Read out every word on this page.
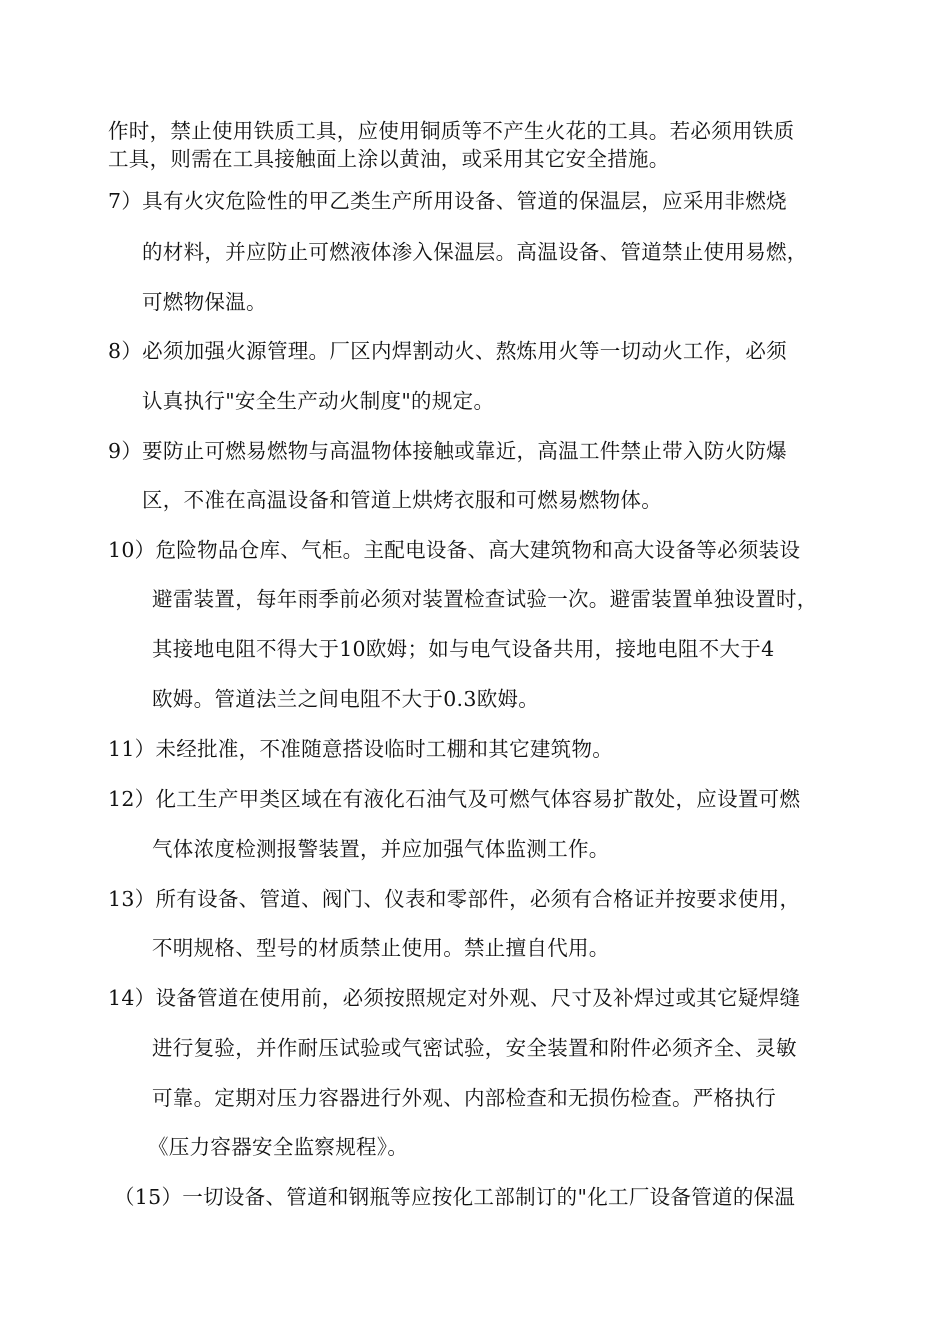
作时，禁止使用铁质工具，应使用铜质等不产生火花的工具。若必须用铁质
工具，则需在工具接触面上涂以黄油，或采用其它安全措施。
7）具有火灾危险性的甲乙类生产所用设备、管道的保温层，应采用非燃烧
的材料，并应防止可燃液体渗入保温层。高温设备、管道禁止使用易燃，
可燃物保温。
8）必须加强火源管理。厂区内焊割动火、熬炼用火等一切动火工作，必须
认真执行"安全生产动火制度"的规定。
9）要防止可燃易燃物与高温物体接触或靠近，高温工件禁止带入防火防爆
区，不准在高温设备和管道上烘烤衣服和可燃易燃物体。
10）危险物品仓库、气柜。主配电设备、高大建筑物和高大设备等必须装设
避雷装置，每年雨季前必须对装置检查试验一次。避雷装置单独设置时，
其接地电阻不得大于10欧姆；如与电气设备共用，接地电阻不大于4
欧姆。管道法兰之间电阻不大于0.3欧姆。
11）未经批准，不准随意搭设临时工棚和其它建筑物。
12）化工生产甲类区域在有液化石油气及可燃气体容易扩散处，应设置可燃
气体浓度检测报警装置，并应加强气体监测工作。
13）所有设备、管道、阀门、仪表和零部件，必须有合格证并按要求使用，
不明规格、型号的材质禁止使用。禁止擅自代用。
14）设备管道在使用前，必须按照规定对外观、尺寸及补焊过或其它疑焊缝
进行复验，并作耐压试验或气密试验，安全装置和附件必须齐全、灵敏
可靠。定期对压力容器进行外观、内部检查和无损伤检查。严格执行
《压力容器安全监察规程》。
（15）一切设备、管道和钢瓶等应按化工部制订的"化工厂设备管道的保温
